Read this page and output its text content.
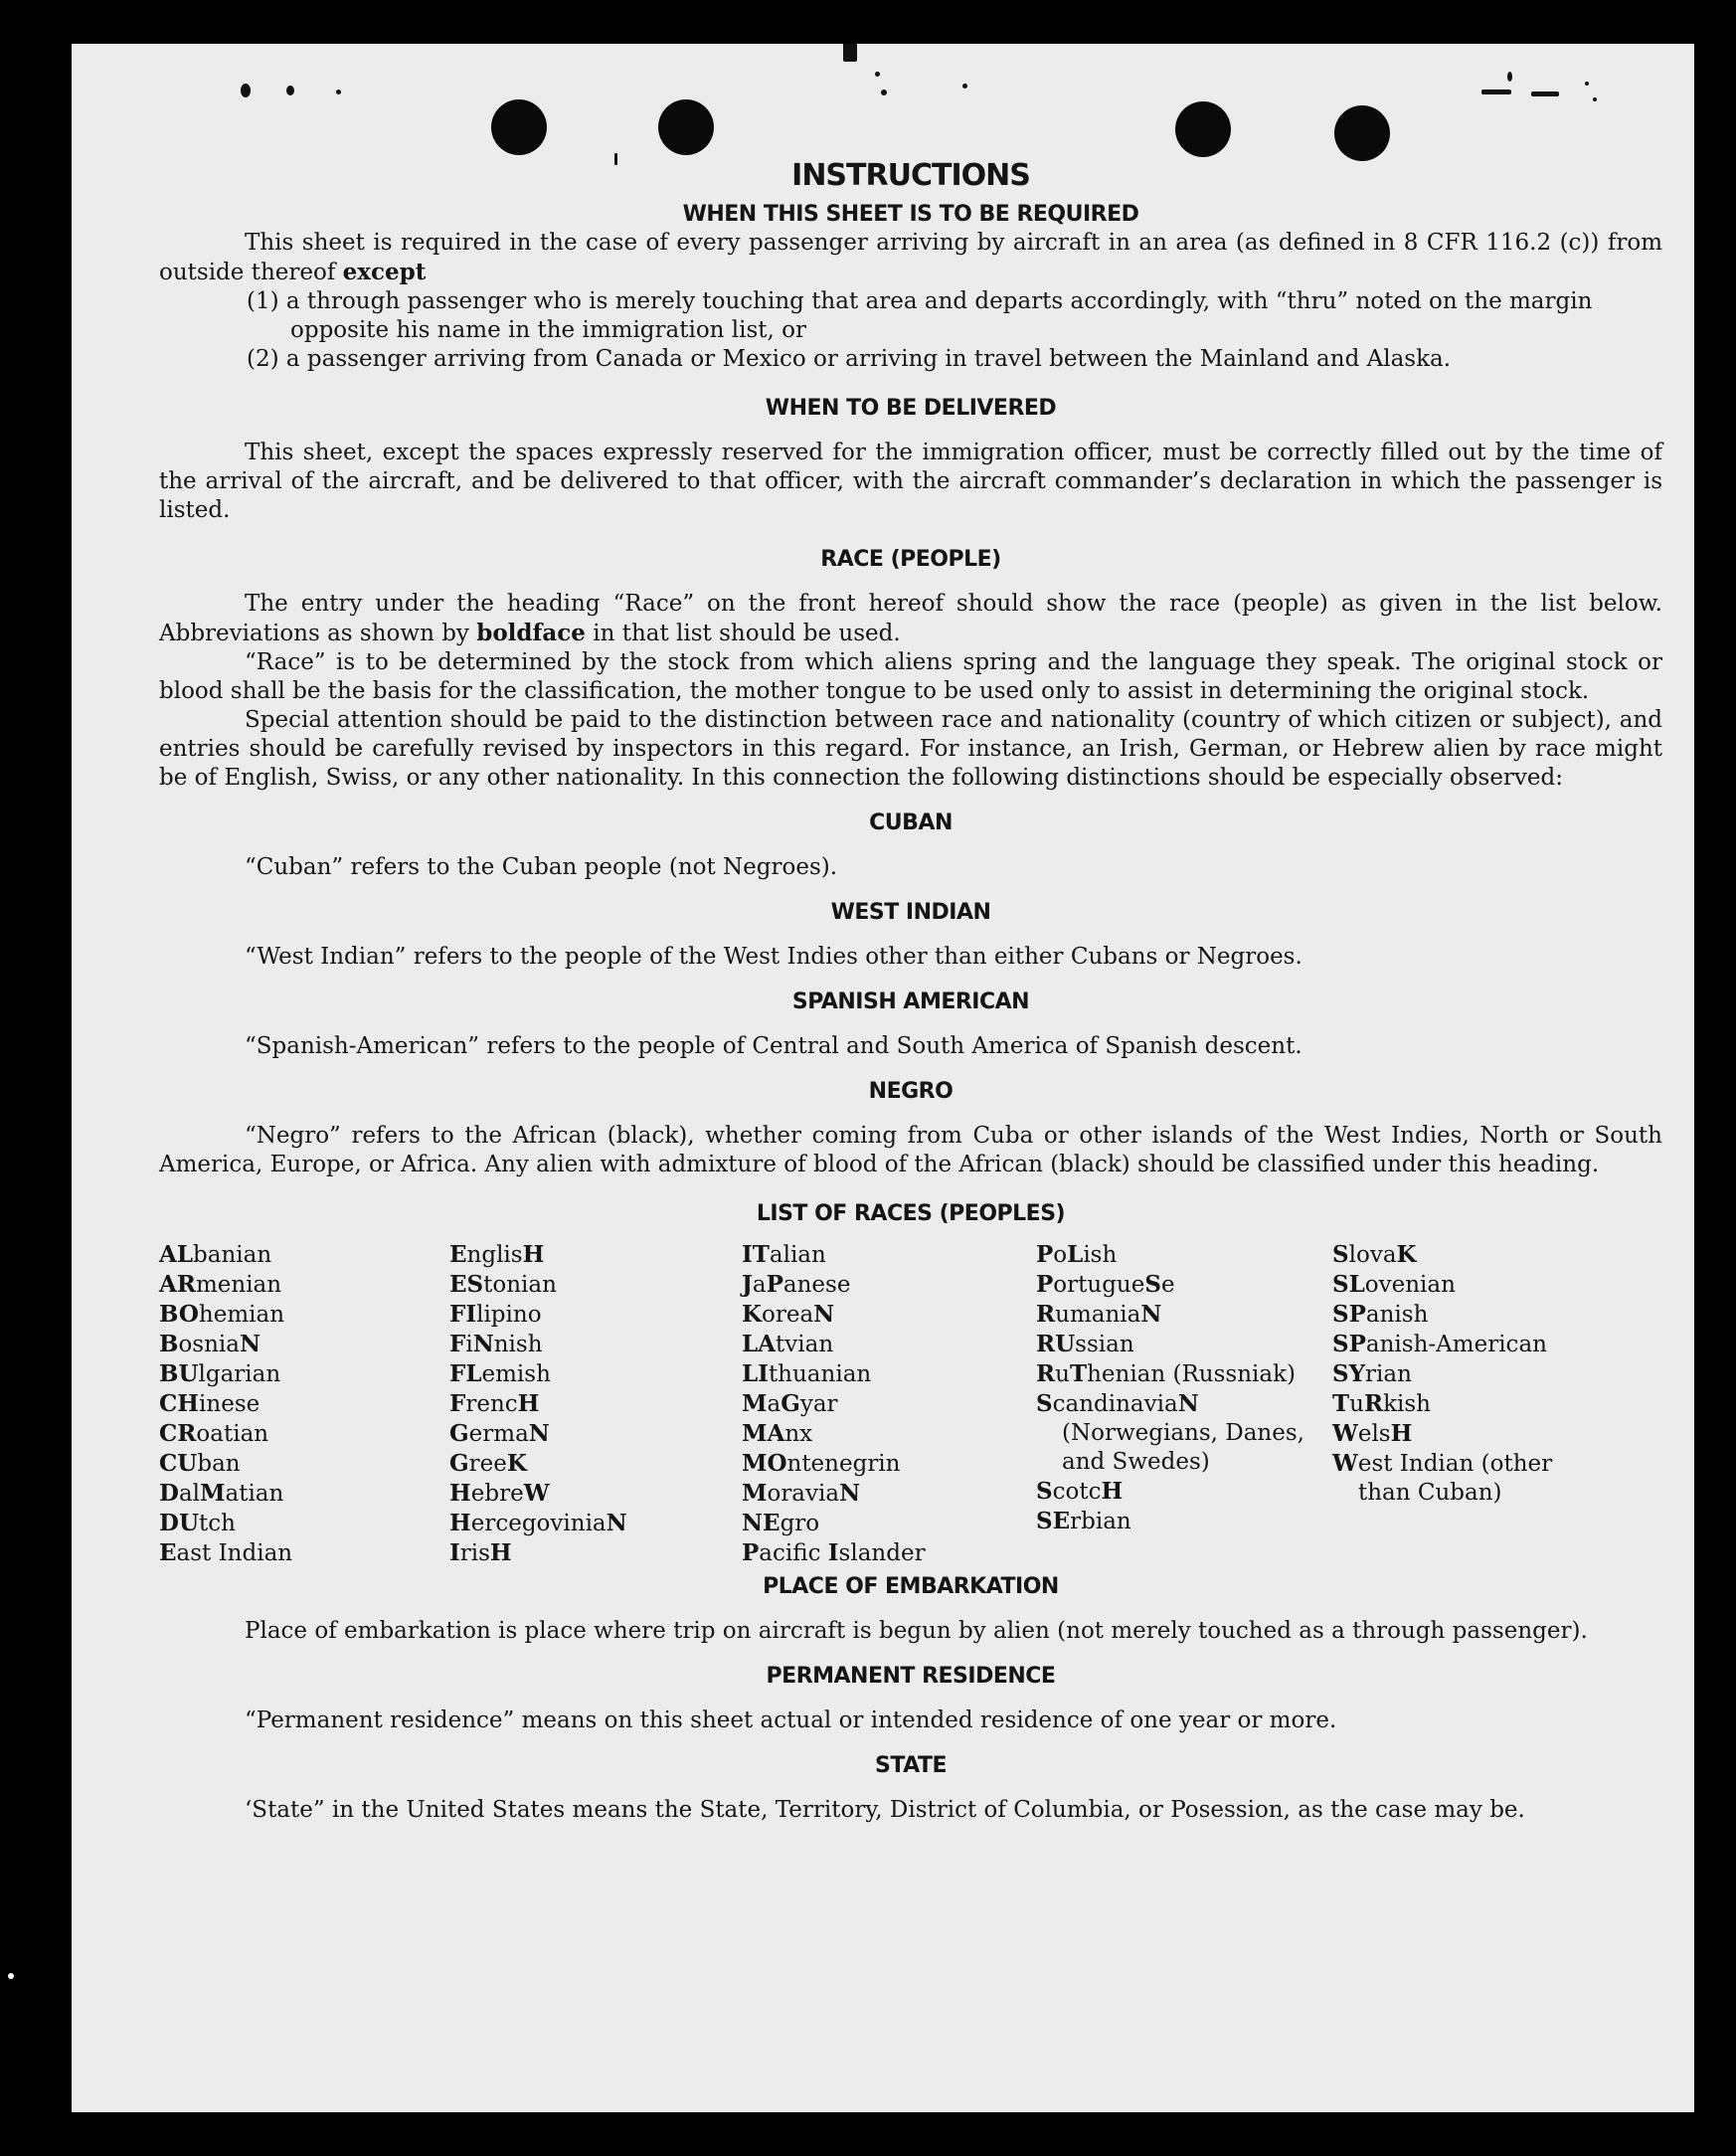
INSTRUCTIONS
WHEN THIS SHEET IS TO BE REQUIRED

This sheet is required in the case of every passenger arriving by aircraft in an area (as defined in 8 CFR 116.2 (c)) from outside thereof except

(1) a through passenger who is merely touching that area and departs accordingly, with “thru” noted on the margin opposite his name in the immigration list, or

(2) a passenger arriving from Canada or Mexico or arriving in travel between the Mainland and Alaska.

WHEN TO BE DELIVERED

This sheet, except the spaces expressly reserved for the immigration officer, must be correctly filled out by the time of the arrival of the aircraft, and be delivered to that officer, with the aircraft commander’s declaration in which the passenger is listed.

RACE (PEOPLE)

The entry under the heading “Race” on the front hereof should show the race (people) as given in the list below. Abbreviations as shown by boldface in that list should be used.

“Race” is to be determined by the stock from which aliens spring and the language they speak. The original stock or blood shall be the basis for the classification, the mother tongue to be used only to assist in determining the original stock.

Special attention should be paid to the distinction between race and nationality (country of which citizen or subject), and entries should be carefully revised by inspectors in this regard. For instance, an Irish, German, or Hebrew alien by race might be of English, Swiss, or any other nationality. In this connection the following distinctions should be especially observed:

CUBAN

“Cuban” refers to the Cuban people (not Negroes).

WEST INDIAN

“West Indian” refers to the people of the West Indies other than either Cubans or Negroes.

SPANISH AMERICAN

“Spanish-American” refers to the people of Central and South America of Spanish descent.

NEGRO

“Negro” refers to the African (black), whether coming from Cuba or other islands of the West Indies, North or South America, Europe, or Africa. Any alien with admixture of blood of the African (black) should be classified under this heading.

LIST OF RACES (PEOPLES)
ALbanian
ARmenian
BOhemian
BosniaN
BUlgarian
CHinese
CRoatian
CUban
DalMatian
DUtch
East Indian
EnglisH
EStonian
FIlipino
FiNnish
FLemish
FrencH
GermaN
GreeK
HebreW
HercegoviniaN
IrisH
ITalian
JaPanese
KoreaN
LAtvian
LIthuanian
MaGyar
MAnx
MOntenegrin
MoraviaN
NEgro
Pacific Islander
PoLish
PortugueSe
RumaniaN
RUssian
RuThenian (Russniak)
ScandinaviaN (Norwegians, Danes, and Swedes)
ScotcH
SErbian
SlovaK
SLovenian
SPanish
SPanish-American
SYrian
TuRkish
WelsH
West Indian (other than Cuban)
PLACE OF EMBARKATION

Place of embarkation is place where trip on aircraft is begun by alien (not merely touched as a through passenger).

PERMANENT RESIDENCE

“Permanent residence” means on this sheet actual or intended residence of one year or more.

STATE

‘State” in the United States means the State, Territory, District of Columbia, or Posession, as the case may be.
